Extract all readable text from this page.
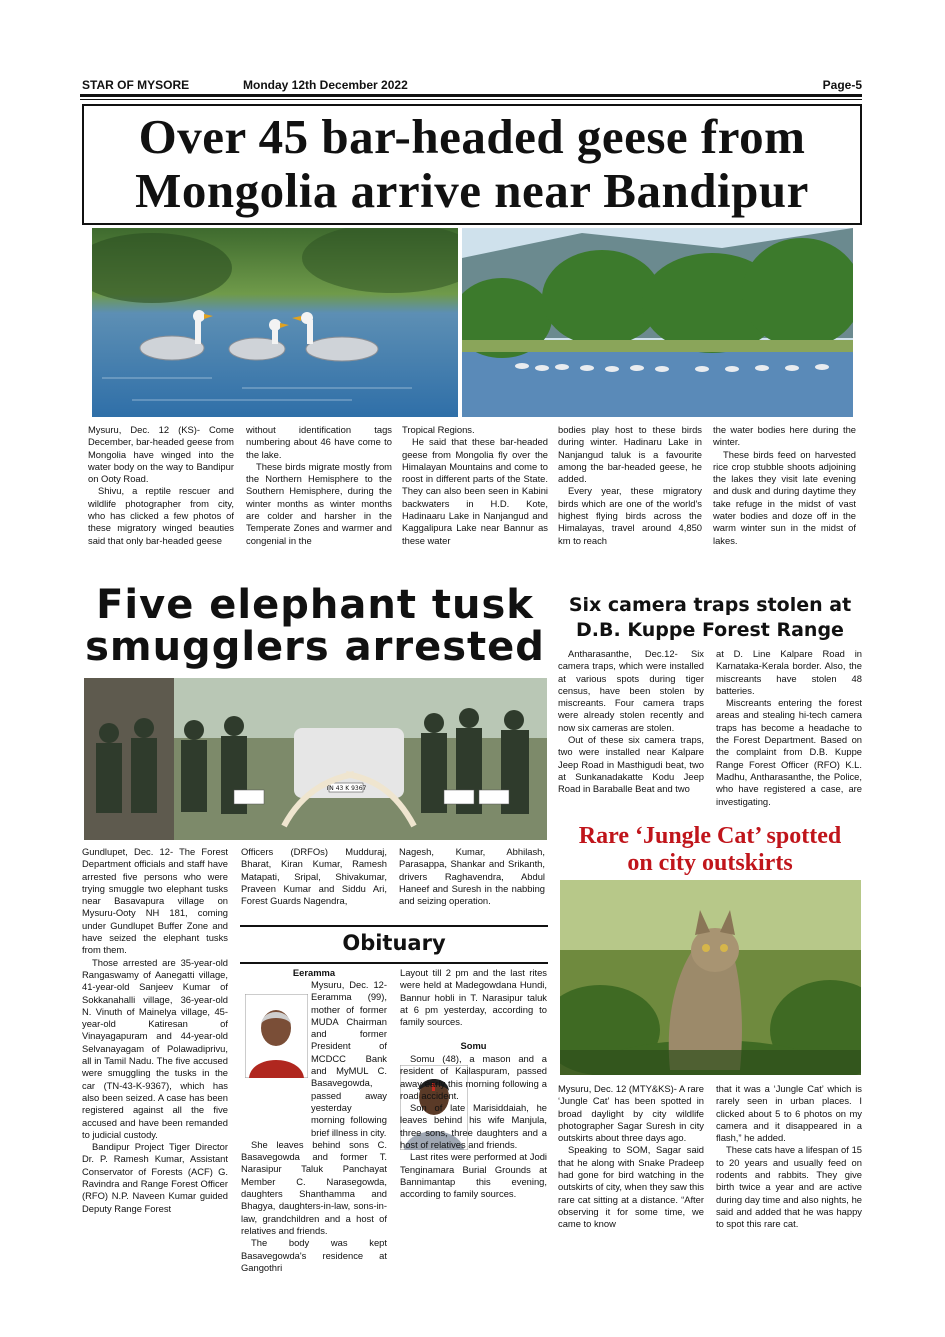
STAR OF MYSORE	Monday 12th December 2022	Page-5
Over 45 bar-headed geese from
Mongolia arrive near Bandipur

Mysuru, Dec. 12 (KS)- Come December, bar-headed geese from Mongolia have winged into the water body on the way to Bandipur on Ooty Road.

Shivu, a reptile rescuer and wildlife photographer from city, who has clicked a few photos of these migratory winged beauties said that only bar-headed geese

without identification tags numbering about 46 have come to the lake.

These birds migrate mostly from the Northern Hemisphere to the Southern Hemisphere, during the winter months as winter months are colder and harsher in the Temperate Zones and warmer and congenial in the

Tropical Regions.

He said that these bar-headed geese from Mongolia fly over the Himalayan Mountains and come to roost in different parts of the State. They can also been seen in Kabini backwaters in H.D. Kote, Hadinaaru Lake in Nanjangud and Kaggalipura Lake near Bannur as these water

bodies play host to these birds during winter. Hadinaru Lake in Nanjangud taluk is a favourite among the bar-headed geese, he added.

Every year, these migratory birds which are one of the world's highest flying birds across the Himalayas, travel around 4,850 km to reach

the water bodies here during the winter.

These birds feed on harvested rice crop stubble shoots adjoining the lakes they visit late evening and dusk and during daytime they take refuge in the midst of vast water bodies and doze off in the warm winter sun in the midst of lakes.

Five elephant tusk
smugglers arrested
TN 43 K 9367

Gundlupet, Dec. 12- The Forest Department officials and staff have arrested five persons who were trying smuggle two elephant tusks near Basavapura village on Mysuru-Ooty NH 181, coming under Gundlupet Buffer Zone and have seized the elephant tusks from them.

Those arrested are 35-year-old Rangaswamy of Aanegatti village, 41-year-old Sanjeev Kumar of Sokkanahalli village, 36-year-old N. Vinuth of Mainelya village, 45-year-old Katiresan of Vinayagapuram and 44-year-old Selvanayagam of Polawadiprivu, all in Tamil Nadu. The five accused were smuggling the tusks in the car (TN-43-K-9367), which has also been seized. A case has been registered against all the five accused and have been remanded to judicial custody.

Bandipur Project Tiger Director Dr. P. Ramesh Kumar, Assistant Conservator of Forests (ACF) G. Ravindra and Range Forest Officer (RFO) N.P. Naveen Kumar guided Deputy Range Forest

Officers (DRFOs) Mudduraj, Bharat, Kiran Kumar, Ramesh Matapati, Sripal, Shivakumar, Praveen Kumar and Siddu Ari, Forest Guards Nagendra,

Nagesh, Kumar, Abhilash, Parasappa, Shankar and Srikanth, drivers Raghavendra, Abdul Haneef and Suresh in the nabbing and seizing operation.

Obituary
Eeramma

Mysuru, Dec. 12- Eeramma (99), mother of former MUDA Chairman and former President of MCDCC Bank and MyMUL C. Basavegowda, passed away yesterday morning following brief illness in city.

She leaves behind sons C. Basavegowda and former T. Narasipur Taluk Panchayat Member C. Narasegowda, daughters Shanthamma and Bhagya, daughters-in-law, sons-in-law, grandchildren and a host of relatives and friends.

The body was kept Basavegowda's residence at Gangothri

Layout till 2 pm and the last rites were held at Madegowdana Hundi, Bannur hobli in T. Narasipur taluk at 6 pm yesterday, according to family sources.

Somu

Somu (48), a mason and a resident of Kailaspuram, passed away early this morning following a road accident.

Son of late Marisiddaiah, he leaves behind his wife Manjula, three sons, three daughters and a host of relatives and friends.

Last rites were performed at Jodi Tenginamara Burial Grounds at Bannimantap this evening, according to family sources.

Six camera traps stolen at
D.B. Kuppe Forest Range

Antharasanthe, Dec.12- Six camera traps, which were installed at various spots during tiger census, have been stolen by miscreants. Four camera traps were already stolen recently and now six cameras are stolen.

Out of these six camera traps, two were installed near Kalpare Jeep Road in Masthigudi beat, two at Sunkanadakatte Kodu Jeep Road in Baraballe Beat and two

at D. Line Kalpare Road in Karnataka-Kerala border. Also, the miscreants have stolen 48 batteries.

Miscreants entering the forest areas and stealing hi-tech camera traps has become a headache to the Forest Department. Based on the complaint from D.B. Kuppe Range Forest Officer (RFO) K.L. Madhu, Antharasanthe, the Police, who have registered a case, are investigating.

Rare ‘Jungle Cat’ spotted
on city outskirts

Mysuru, Dec. 12 (MTY&KS)- A rare ‘Jungle Cat’ has been spotted in broad daylight by city wildlife photographer Sagar Suresh in city outskirts about three days ago.

Speaking to SOM, Sagar said that he along with Snake Pradeep had gone for bird watching in the outskirts of city, when they saw this rare cat sitting at a distance. “After observing it for some time, we came to know

that it was a ‘Jungle Cat’ which is rarely seen in urban places. I clicked about 5 to 6 photos on my camera and it disappeared in a flash,” he added.

These cats have a lifespan of 15 to 20 years and usually feed on rodents and rabbits. They give birth twice a year and are active during day time and also nights, he said and added that he was happy to spot this rare cat.
